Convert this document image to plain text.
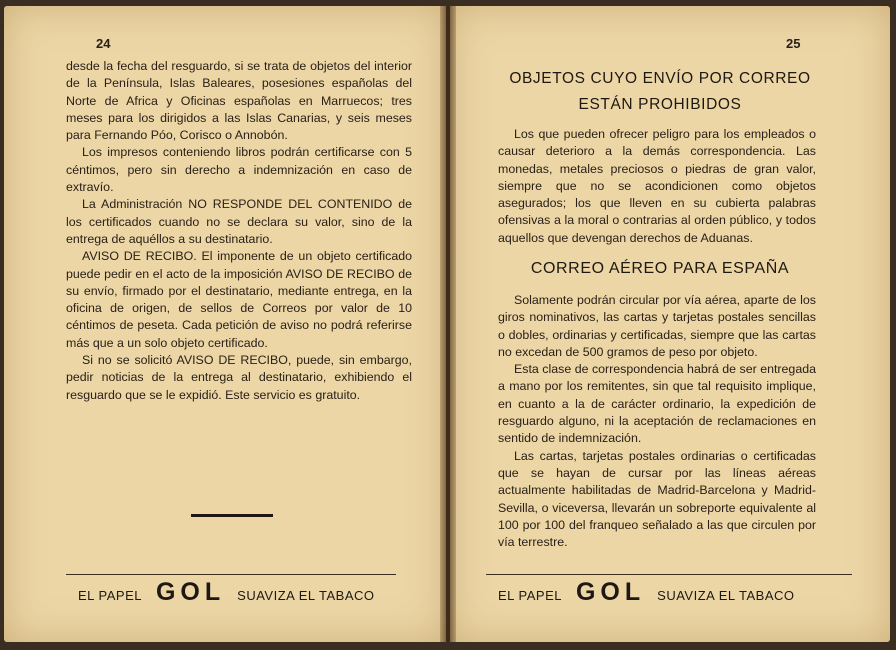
24

desde la fecha del resguardo, si se trata de objetos del interior de la Península, Islas Baleares, posesiones españolas del Norte de Africa y Oficinas españolas en Marruecos; tres meses para los dirigidos a las Islas Canarias, y seis meses para Fernando Póo, Corisco o Annobón.

Los impresos conteniendo libros podrán certificarse con 5 céntimos, pero sin derecho a indemnización en caso de extravío.

La Administración NO RESPONDE DEL CONTENIDO de los certificados cuando no se declara su valor, sino de la entrega de aquéllos a su destinatario.

AVISO DE RECIBO. El imponente de un objeto certificado puede pedir en el acto de la imposición AVISO DE RECIBO de su envío, firmado por el destinatario, mediante entrega, en la oficina de origen, de sellos de Correos por valor de 10 céntimos de peseta. Cada petición de aviso no podrá referirse más que a un solo objeto certificado.

Si no se solicitó AVISO DE RECIBO, puede, sin embargo, pedir noticias de la entrega al destinatario, exhibiendo el resguardo que se le expidió. Este servicio es gratuito.

EL PAPEL GOL SUAVIZA EL TABACO
25
OBJETOS CUYO ENVÍO POR CORREO ESTÁN PROHIBIDOS

Los que pueden ofrecer peligro para los empleados o causar deterioro a la demás correspondencia. Las monedas, metales preciosos o piedras de gran valor, siempre que no se acondicionen como objetos asegurados; los que lleven en su cubierta palabras ofensivas a la moral o contrarias al orden público, y todos aquellos que devengan derechos de Aduanas.

CORREO AÉREO PARA ESPAÑA

Solamente podrán circular por vía aérea, aparte de los giros nominativos, las cartas y tarjetas postales sencillas o dobles, ordinarias y certificadas, siempre que las cartas no excedan de 500 gramos de peso por objeto.

Esta clase de correspondencia habrá de ser entregada a mano por los remitentes, sin que tal requisito implique, en cuanto a la de carácter ordinario, la expedición de resguardo alguno, ni la aceptación de reclamaciones en sentido de indemnización.

Las cartas, tarjetas postales ordinarias o certificadas que se hayan de cursar por las líneas aéreas actualmente habilitadas de Madrid-Barcelona y Madrid-Sevilla, o viceversa, llevarán un sobreporte equivalente al 100 por 100 del franqueo señalado a las que circulen por vía terrestre.

EL PAPEL GOL SUAVIZA EL TABACO
